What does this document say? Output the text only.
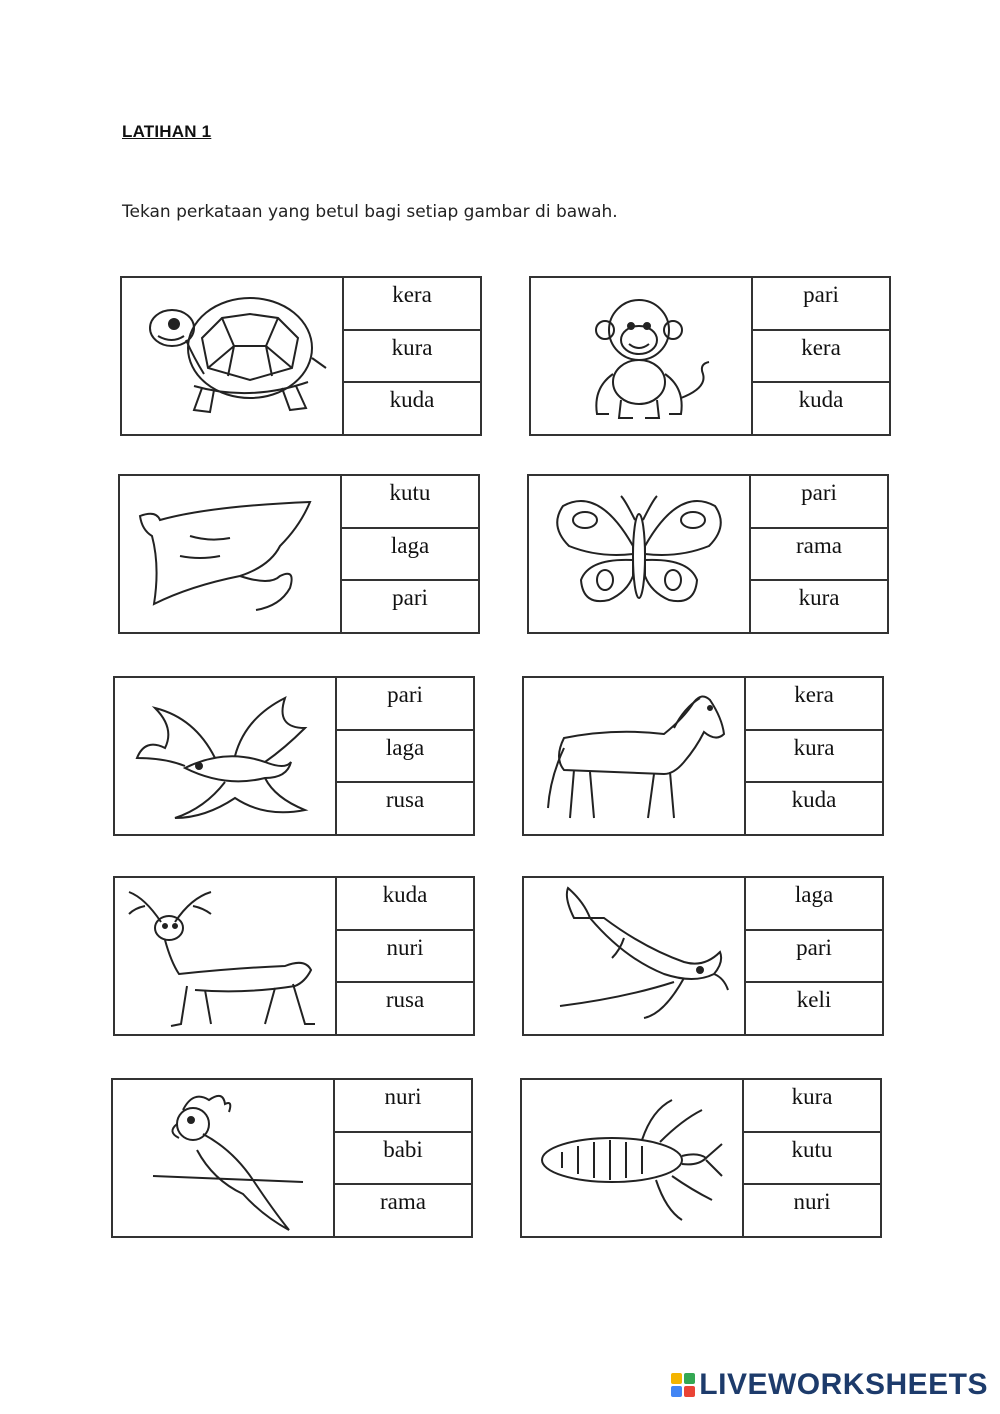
LATIHAN 1
Tekan perkataan yang betul bagi setiap gambar di bawah.
kera
kura
kuda
pari
kera
kuda
kutu
laga
pari
pari
rama
kura
pari
laga
rusa
kera
kura
kuda
kuda
nuri
rusa
laga
pari
keli
nuri
babi
rama
kura
kutu
nuri
LIVEWORKSHEETS
